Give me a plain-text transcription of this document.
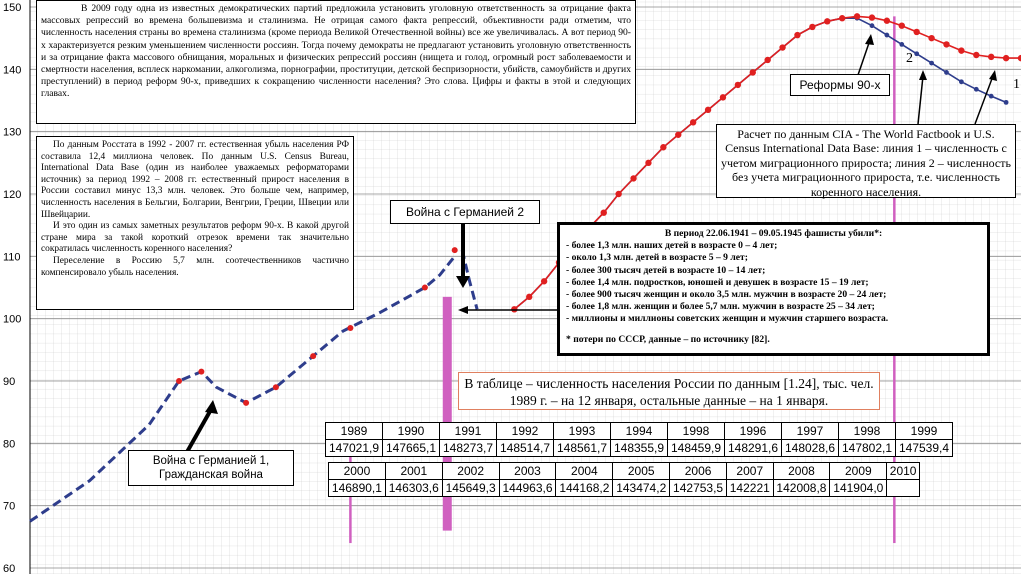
60
70
80
90
100
110
120
130
140
150
2
1

В 2009 году одна из известных демократических партий предложила установить уголовную ответственность за отрицание факта массовых репрессий во времена большевизма и сталинизма. Не отрицая самого факта репрессий, объективности ради отметим, что численность населения страны во времена сталинизма (кроме периода Великой Отечественной войны) все же увеличивалась. А вот период 90-х характеризуется резким уменьшением численности россиян. Тогда почему демократы не предлагают установить уголовную ответственность и за отрицание факта массового обнищания, моральных и физических репрессий россиян (нищета и голод, огромный рост заболеваемости и смертности населения, всплеск наркомании, алкоголизма, порнографии, проституции, детской беспризорности, убийств, самоубийств и других преступлений) в период реформ 90-х, приведших к сокращению численности населения? Это слова. Цифры и факты в этой и следующих главах.

По данным Росстата в 1992 - 2007 гг. естественная убыль населения РФ составила 12,4 миллиона человек. По данным U.S. Census Bureau, International Data Base (один из наиболее уважаемых реформаторами источник) за период 1992 – 2008 гг. естественный прирост населения в России составил минус 13,3 млн. человек. Это больше чем, например, численность населения в Бельгии, Болгарии, Венгрии, Греции, Швеции или Швейцарии.

И это один из самых заметных результатов реформ 90-х. В какой другой стране мира за такой короткий отрезок времени так значительно сократилась численность коренного населения?

Переселение в Россию 5,7 млн. соотечественников частично компенсировало убыль населения.

Война с Германией 2
Война с Германией 1, Гражданская война
Реформы 90-х
Расчет по данным CIA - The World Factbook и U.S. Census International Data Base: линия 1 – численность с учетом миграционного прироста; линия 2 – численность без учета миграционного прироста, т.е. численность коренного населения.

В период 22.06.1941 – 09.05.1945 фашисты убили*:

- более 1,3 млн. наших детей в возрасте 0 – 4 лет;

- около 1,3 млн. детей в возрасте 5 – 9 лет;

- более 300 тысяч детей в возрасте 10 – 14 лет;

- более 1,4 млн. подростков, юношей и девушек в возрасте 15 – 19 лет;

- более 900 тысяч женщин и около 3,5 млн. мужчин в возрасте 20 – 24 лет;

- более 1,8 млн. женщин и более 5,7 млн. мужчин в возрасте 25 – 34 лет;

- миллионы и миллионы советских женщин и мужчин старшего возраста.

* потери по СССР, данные – по источнику [82].

В таблице – численность населения России по данным [1.24], тыс. чел.
1989 г. – на 12 января, остальные данные – на 1 января.
1989	1990	1991	1992	1993	1994	1998	1996	1997	1998	1999
147021,9	147665,1	148273,7	148514,7	148561,7	148355,9	148459,9	148291,6	148028,6	147802,1	147539,4
2000	2001	2002	2003	2004	2005	2006	2007	2008	2009	2010
146890,1	146303,6	145649,3	144963,6	144168,2	143474,2	142753,5	142221	142008,8	141904,0	
